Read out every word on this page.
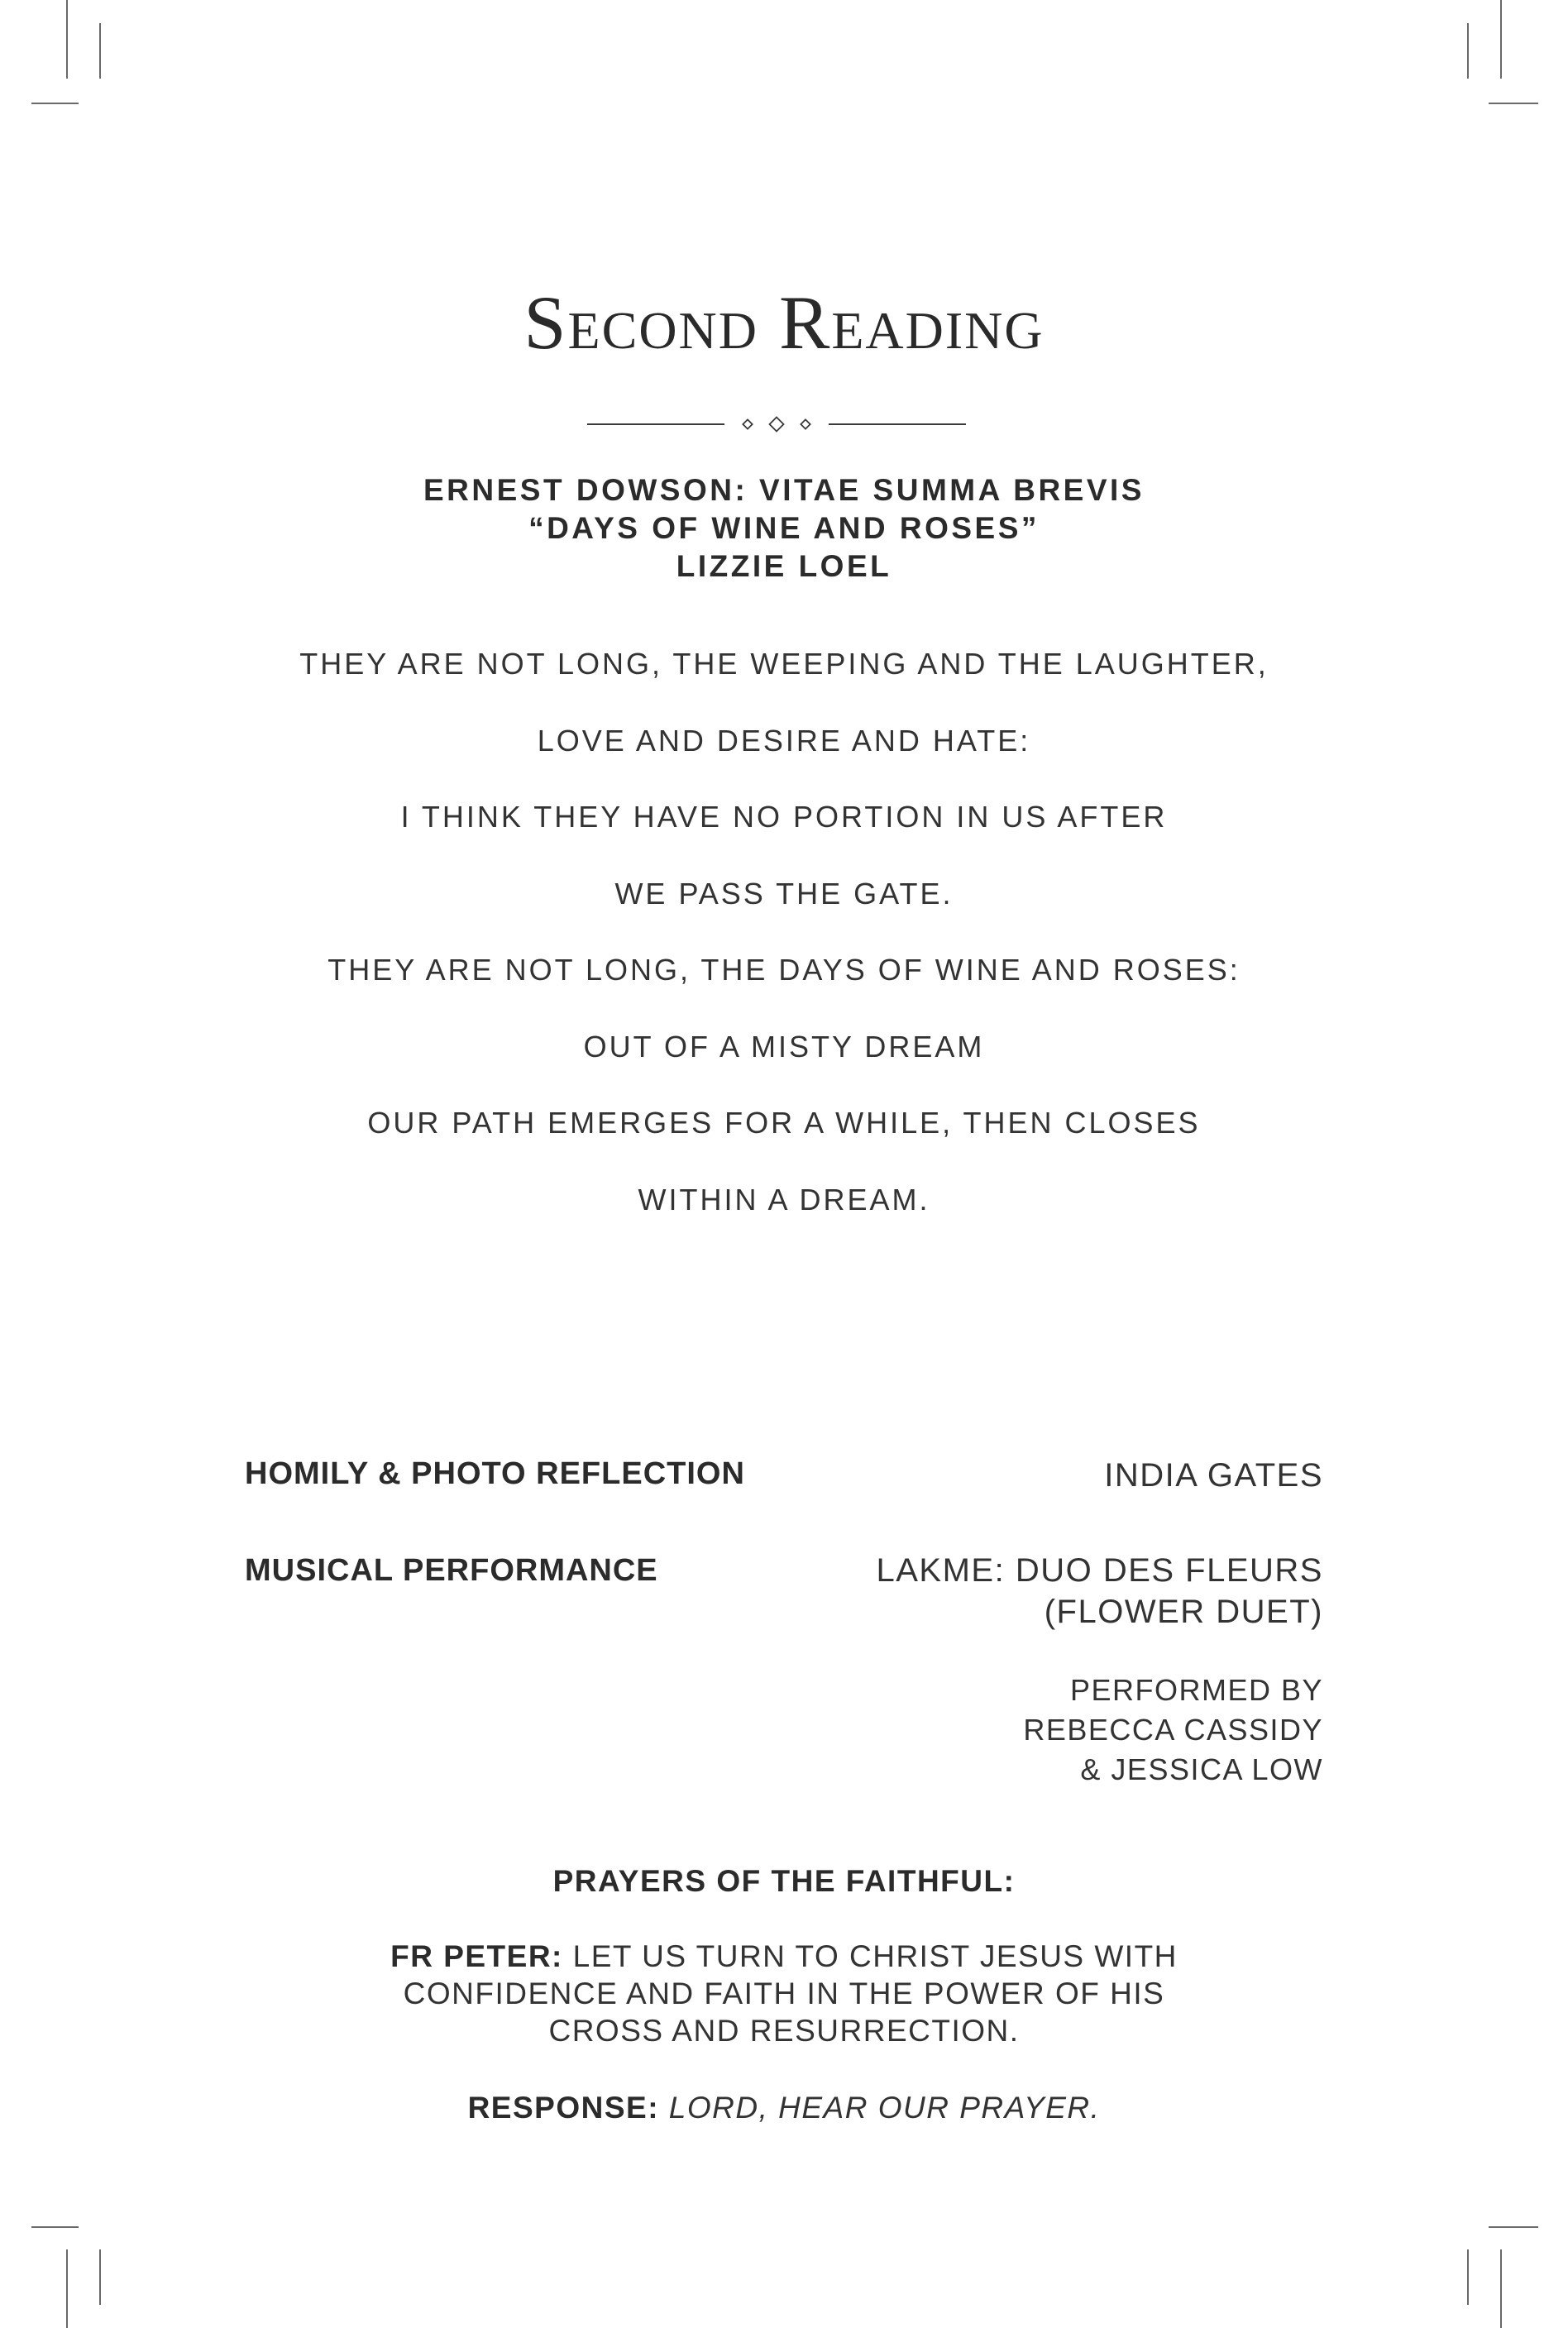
Second Reading
ERNEST DOWSON: VITAE SUMMA BREVIS
“DAYS OF WINE AND ROSES”
LIZZIE LOEL
THEY ARE NOT LONG, THE WEEPING AND THE LAUGHTER,
LOVE AND DESIRE AND HATE:
I THINK THEY HAVE NO PORTION IN US AFTER
WE PASS THE GATE.
THEY ARE NOT LONG, THE DAYS OF WINE AND ROSES:
OUT OF A MISTY DREAM
OUR PATH EMERGES FOR A WHILE, THEN CLOSES
WITHIN A DREAM.
HOMILY & PHOTO REFLECTION	INDIA GATES
MUSICAL PERFORMANCE	LAKME: DUO DES FLEURS
(FLOWER DUET)
PERFORMED BY
REBECCA CASSIDY
& JESSICA LOW
PRAYERS OF THE FAITHFUL:
FR PETER: LET US TURN TO CHRIST JESUS WITH
CONFIDENCE AND FAITH IN THE POWER OF HIS
CROSS AND RESURRECTION.
RESPONSE: LORD, HEAR OUR PRAYER.
